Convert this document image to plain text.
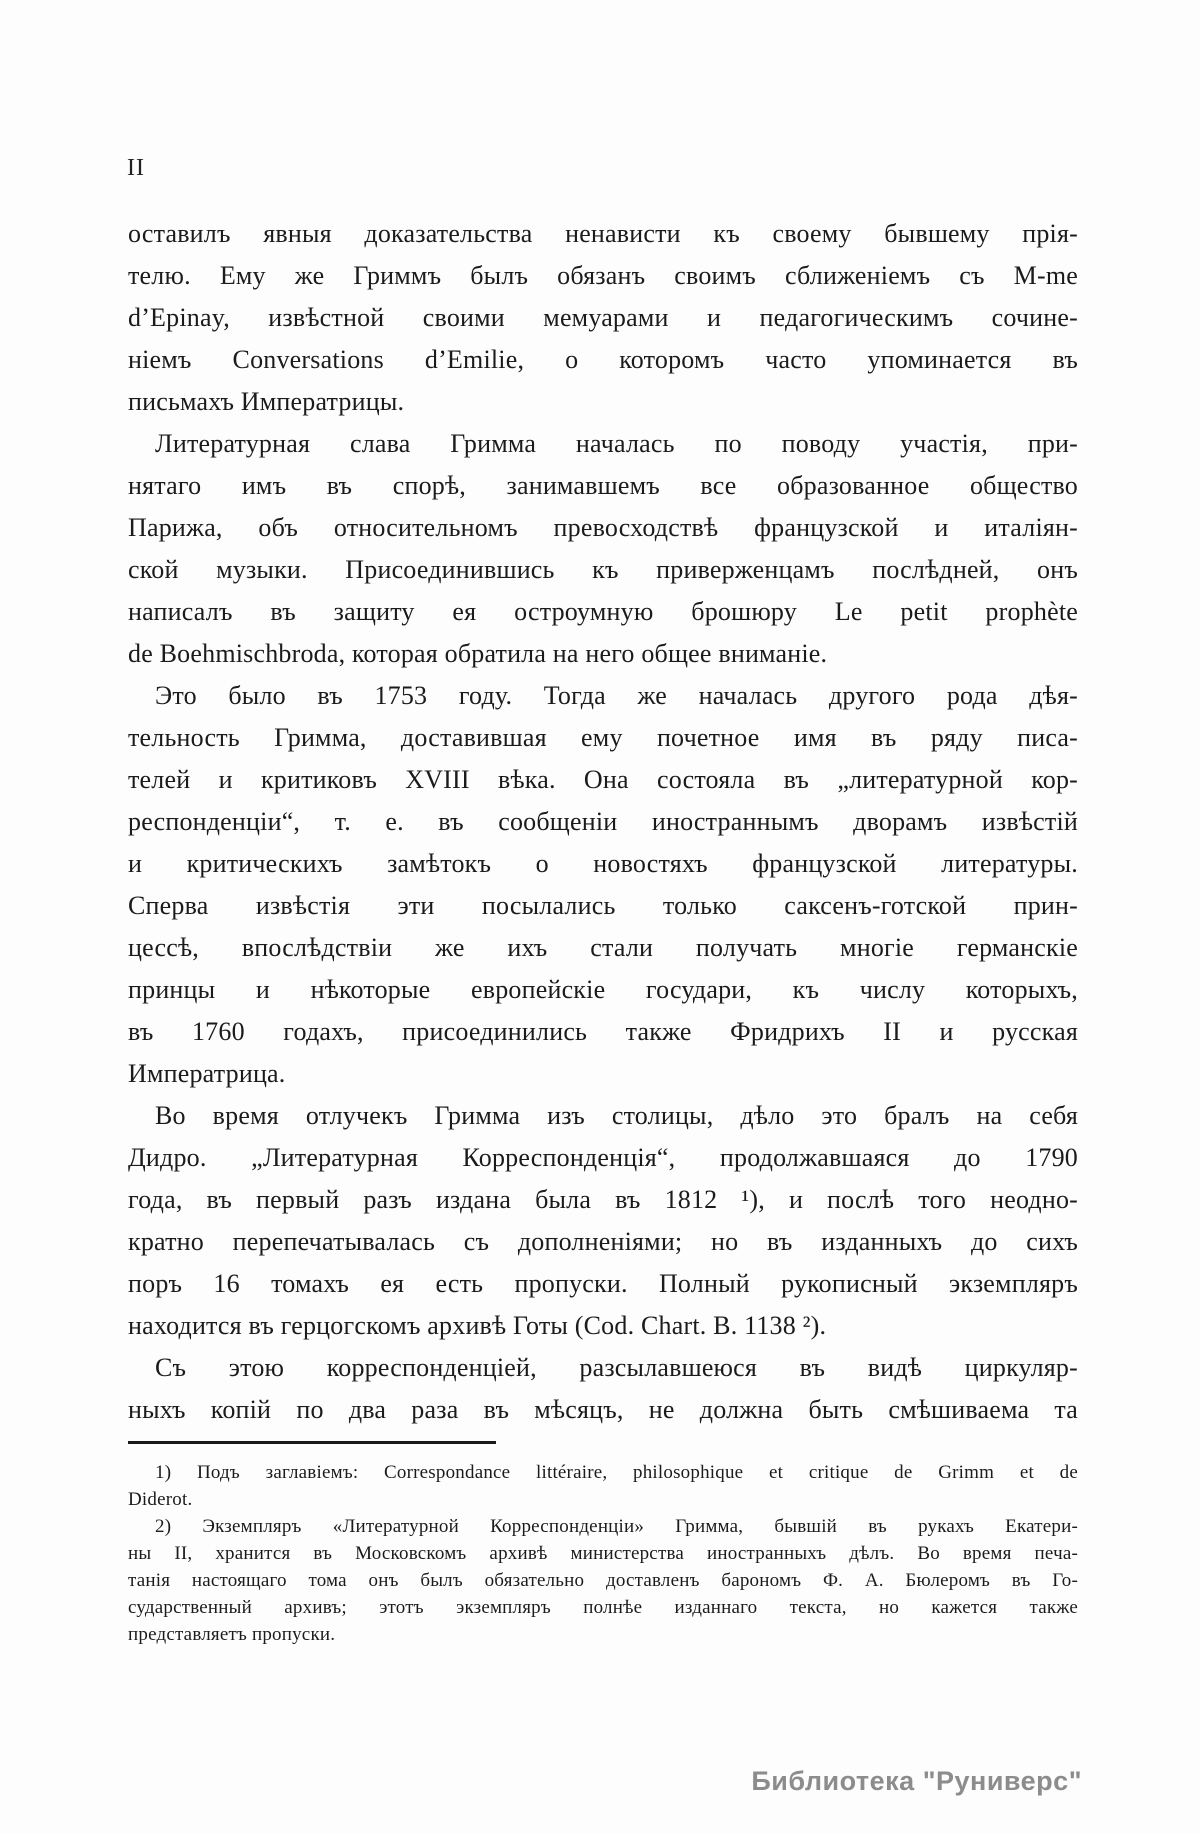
II
оставилъ явныя доказательства ненависти къ своему бывшему прія-
телю. Ему же Гриммъ былъ обязанъ своимъ сближеніемъ съ M-me
d’Epinay, извѣстной своими мемуарами и педагогическимъ сочине-
ніемъ Conversations d’Emilie, о которомъ часто упоминается въ
письмахъ Императрицы.
Литературная слава Гримма началась по поводу участія, при-
нятаго имъ въ спорѣ, занимавшемъ все образованное общество
Парижа, объ относительномъ превосходствѣ французской и италіян-
ской музыки. Присоединившись къ приверженцамъ послѣдней, онъ
написалъ въ защиту ея остроумную брошюру Le petit prophète
de Boehmischbroda, которая обратила на него общее вниманіе.
Это было въ 1753 году. Тогда же началась другого рода дѣя-
тельность Гримма, доставившая ему почетное имя въ ряду писа-
телей и критиковъ XVIII вѣка. Она состояла въ „литературной кор-
респонденціи“, т. е. въ сообщеніи иностраннымъ дворамъ извѣстій
и критическихъ замѣтокъ о новостяхъ французской литературы.
Сперва извѣстія эти посылались только саксенъ-готской прин-
цессѣ, впослѣдствіи же ихъ стали получать многіе германскіе
принцы и нѣкоторые европейскіе государи, къ числу которыхъ,
въ 1760 годахъ, присоединились также Фридрихъ II и русская
Императрица.
Во время отлучекъ Гримма изъ столицы, дѣло это бралъ на себя
Дидро. „Литературная Корреспонденція“, продолжавшаяся до 1790
года, въ первый разъ издана была въ 1812 ¹), и послѣ того неодно-
кратно перепечатывалась съ дополненіями; но въ изданныхъ до сихъ
поръ 16 томахъ ея есть пропуски. Полный рукописный экземпляръ
находится въ герцогскомъ архивѣ Готы (Cod. Chart. B. 1138 ²).
Съ этою корреспонденціей, разсылавшеюся въ видѣ циркуляр-
ныхъ копій по два раза въ мѣсяцъ, не должна быть смѣшиваема та
1) Подъ заглавіемъ: Correspondance littéraire, philosophique et critique de Grimm et de
Diderot.
2) Экземпляръ «Литературной Корреспонденціи» Гримма, бывшій въ рукахъ Екатери-
ны II, хранится въ Московскомъ архивѣ министерства иностранныхъ дѣлъ. Во время печа-
танія настоящаго тома онъ былъ обязательно доставленъ барономъ Ф. А. Бюлеромъ въ Го-
сударственный архивъ; этотъ экземпляръ полнѣе изданнаго текста, но кажется также
представляетъ пропуски.
Библиотека "Руниверс"
